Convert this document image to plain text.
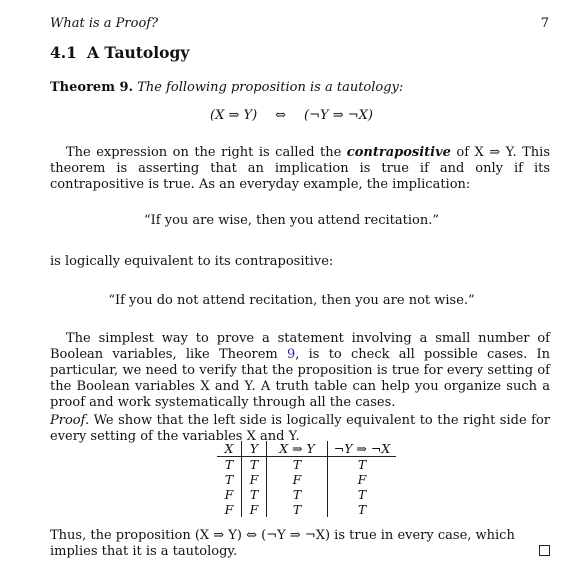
What is a Proof?	7
4.1 A Tautology
Theorem 9. The following proposition is a tautology:
(X ⇒ Y) ⇔ (¬Y ⇒ ¬X)
The expression on the right is called the contrapositive of X ⇒ Y. This theorem is asserting that an implication is true if and only if its contrapositive is true. As an everyday example, the implication:
“If you are wise, then you attend recitation.”
is logically equivalent to its contrapositive:
“If you do not attend recitation, then you are not wise.”
The simplest way to prove a statement involving a small number of Boolean variables, like Theorem 9, is to check all possible cases. In particular, we need to verify that the proposition is true for every setting of the Boolean variables X and Y. A truth table can help you organize such a proof and work systematically through all the cases.
Proof. We show that the left side is logically equivalent to the right side for every setting of the variables X and Y.
X	Y	X ⇒ Y	¬Y ⇒ ¬X
T	T	T	T
T	F	F	F
F	T	T	T
F	F	T	T
Thus, the proposition (X ⇒ Y) ⇔ (¬Y ⇒ ¬X) is true in every case, which implies that it is a tautology.
